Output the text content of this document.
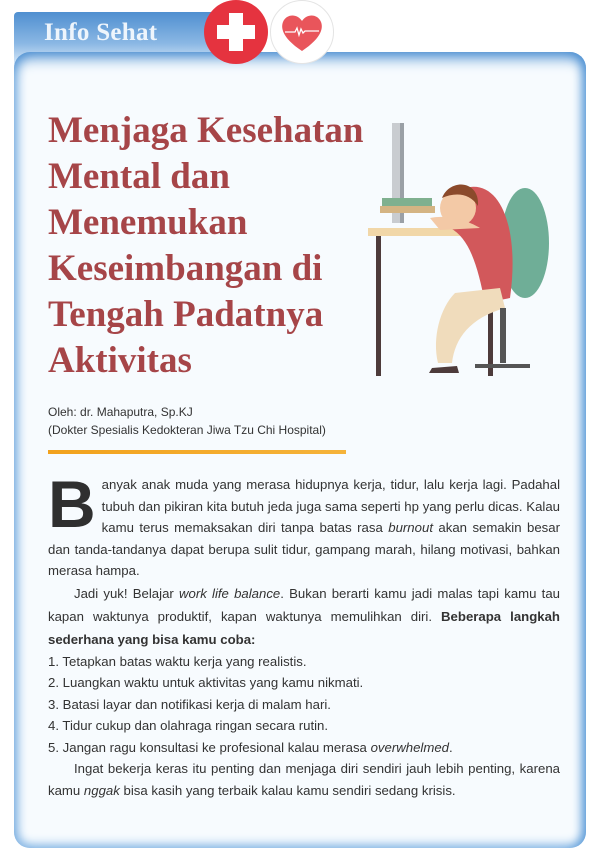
Info Sehat
Menjaga Kesehatan
Mental dan
Menemukan
Keseimbangan di
Tengah Padatnya
Aktivitas
Oleh: dr. Mahaputra, Sp.KJ
(Dokter Spesialis Kedokteran Jiwa Tzu Chi Hospital)

Banyak anak muda yang merasa hidupnya kerja, tidur, lalu kerja lagi. Padahal tubuh dan pikiran kita butuh jeda juga sama seperti hp yang perlu dicas. Kalau kamu terus memaksakan diri tanpa batas rasa burnout akan semakin besar dan tanda-tandanya dapat berupa sulit tidur, gampang marah, hilang motivasi, bahkan merasa hampa.

Jadi yuk! Belajar work life balance. Bukan berarti kamu jadi malas tapi kamu tau kapan waktunya produktif, kapan waktunya memulihkan diri. Beberapa langkah sederhana yang bisa kamu coba:

1. Tetapkan batas waktu kerja yang realistis.
2. Luangkan waktu untuk aktivitas yang kamu nikmati.
3. Batasi layar dan notifikasi kerja di malam hari.
4. Tidur cukup dan olahraga ringan secara rutin.
5. Jangan ragu konsultasi ke profesional kalau merasa overwhelmed.

Ingat bekerja keras itu penting dan menjaga diri sendiri jauh lebih penting, karena kamu nggak bisa kasih yang terbaik kalau kamu sendiri sedang krisis.
